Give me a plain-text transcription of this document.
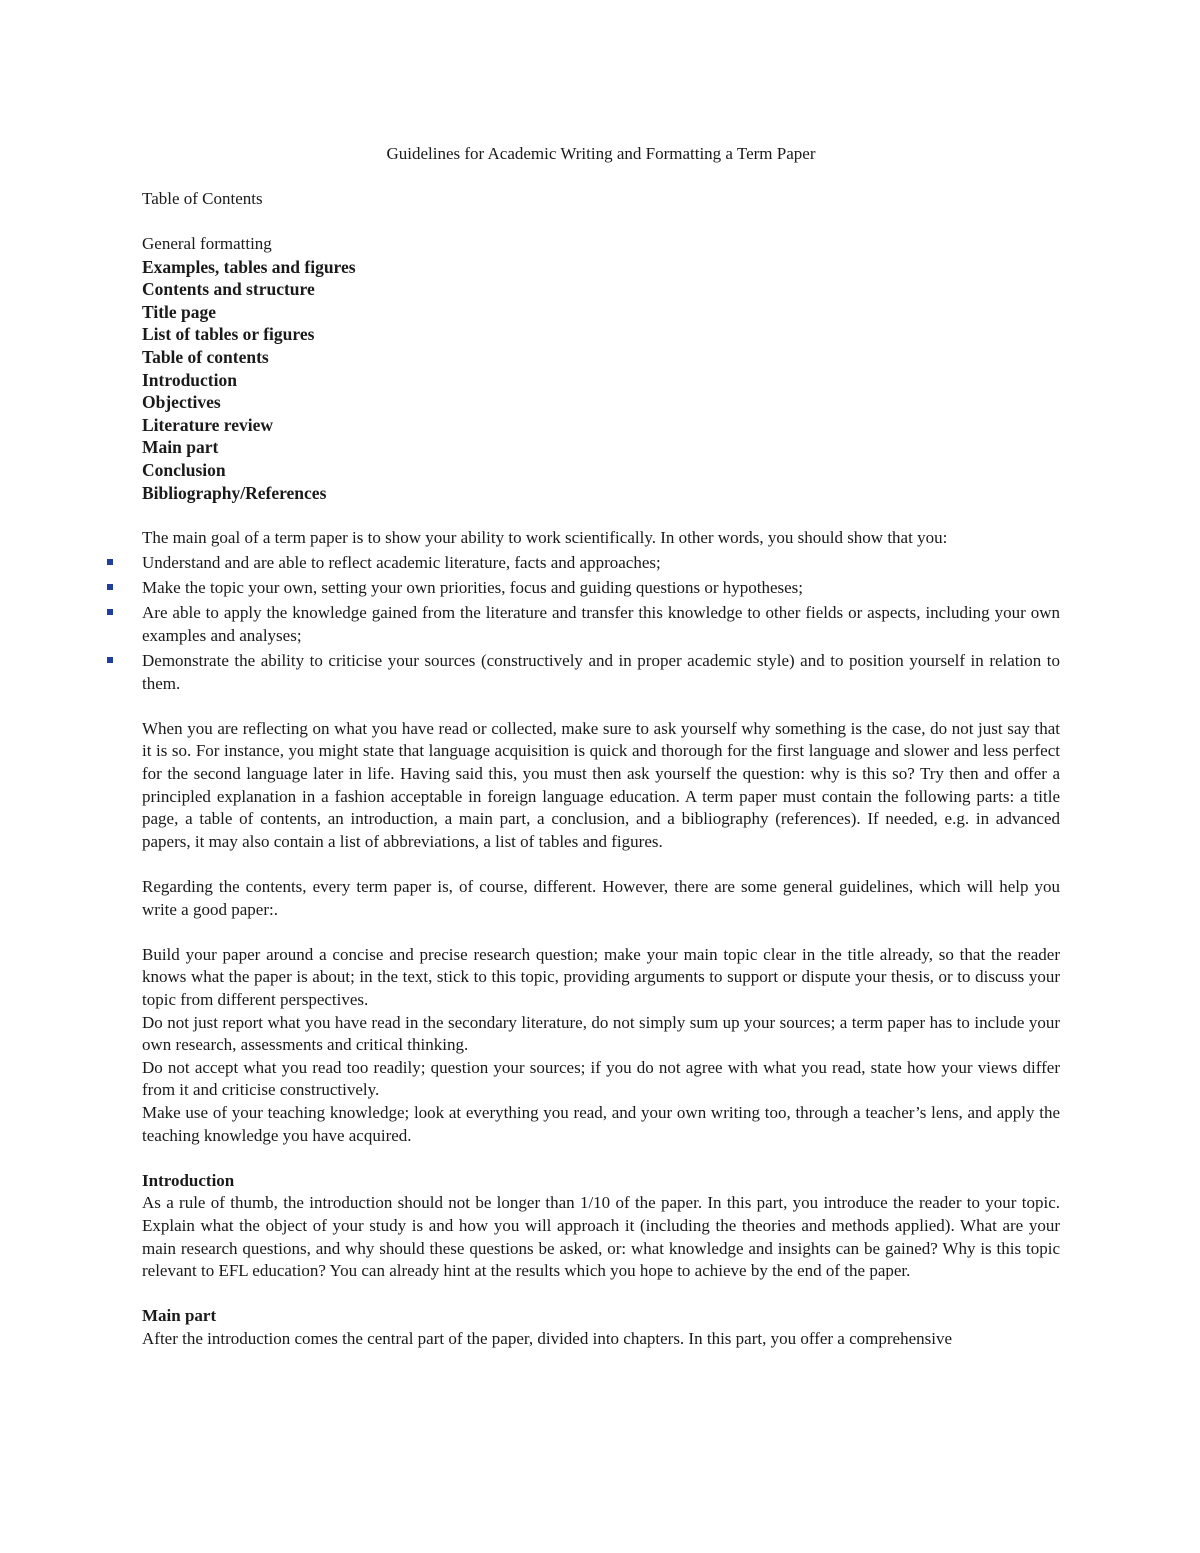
Guidelines for Academic Writing and Formatting a Term Paper

Table of Contents

General formatting
Examples, tables and figures
Contents and structure
Title page
List of tables or figures
Table of contents
Introduction
Objectives
Literature review
Main part
Conclusion
Bibliography/References

The main goal of a term paper is to show your ability to work scientifically. In other words, you should show that you:

Understand and are able to reflect academic literature, facts and approaches;
Make the topic your own, setting your own priorities, focus and guiding questions or hypotheses;
Are able to apply the knowledge gained from the literature and transfer this knowledge to other fields or aspects, including your own examples and analyses;
Demonstrate the ability to criticise your sources (constructively and in proper academic style) and to position yourself in relation to them.

When you are reflecting on what you have read or collected, make sure to ask yourself why something is the case, do not just say that it is so. For instance, you might state that language acquisition is quick and thorough for the first language and slower and less perfect for the second language later in life. Having said this, you must then ask yourself the question: why is this so? Try then and offer a principled explanation in a fashion acceptable in foreign language education. A term paper must contain the following parts: a title page, a table of contents, an introduction, a main part, a conclusion, and a bibliography (references). If needed, e.g. in advanced papers, it may also contain a list of abbreviations, a list of tables and figures.

Regarding the contents, every term paper is, of course, different. However, there are some general guidelines, which will help you write a good paper:.

Build your paper around a concise and precise research question; make your main topic clear in the title already, so that the reader knows what the paper is about; in the text, stick to this topic, providing arguments to support or dispute your thesis, or to discuss your topic from different perspectives.

Do not just report what you have read in the secondary literature, do not simply sum up your sources; a term paper has to include your own research, assessments and critical thinking.

Do not accept what you read too readily; question your sources; if you do not agree with what you read, state how your views differ from it and criticise constructively.

Make use of your teaching knowledge; look at everything you read, and your own writing too, through a teacher’s lens, and apply the teaching knowledge you have acquired.

Introduction

As a rule of thumb, the introduction should not be longer than 1/10 of the paper. In this part, you introduce the reader to your topic. Explain what the object of your study is and how you will approach it (including the theories and methods applied). What are your main research questions, and why should these questions be asked, or: what knowledge and insights can be gained? Why is this topic relevant to EFL education? You can already hint at the results which you hope to achieve by the end of the paper.

Main part

After the introduction comes the central part of the paper, divided into chapters. In this part, you offer a comprehensive
